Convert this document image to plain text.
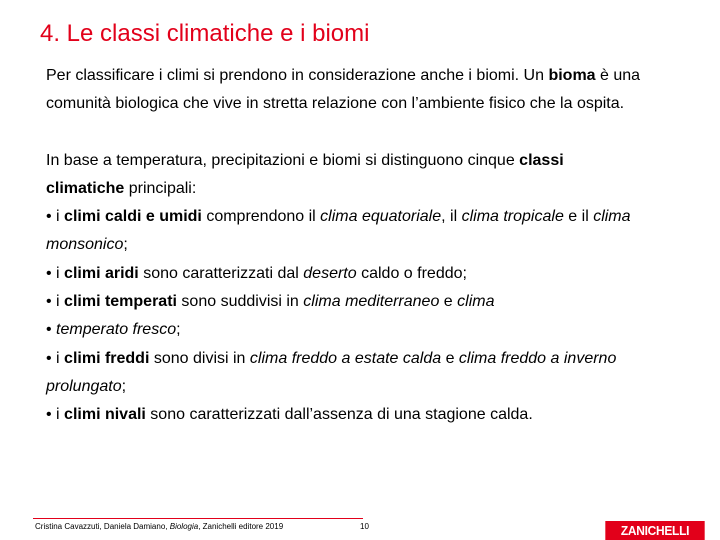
4. Le classi climatiche e i biomi

Per classificare i climi si prendono in considerazione anche i biomi. Un bioma è una comunità biologica che vive in stretta relazione con l’ambiente fisico che la ospita.

In base a temperatura, precipitazioni e biomi si distinguono cinque classi climatiche principali:

• i climi caldi e umidi comprendono il clima equatoriale, il clima tropicale e il clima monsonico;

• i climi aridi sono caratterizzati dal deserto caldo o freddo;

• i climi temperati sono suddivisi in clima mediterraneo e clima
• temperato fresco;

• i climi freddi sono divisi in clima freddo a estate calda e clima freddo a inverno prolungato;

• i climi nivali sono caratterizzati dall’assenza di una stagione calda.

Cristina Cavazzuti, Daniela Damiano, Biologia, Zanichelli editore 2019	10	ZANICHELLI
